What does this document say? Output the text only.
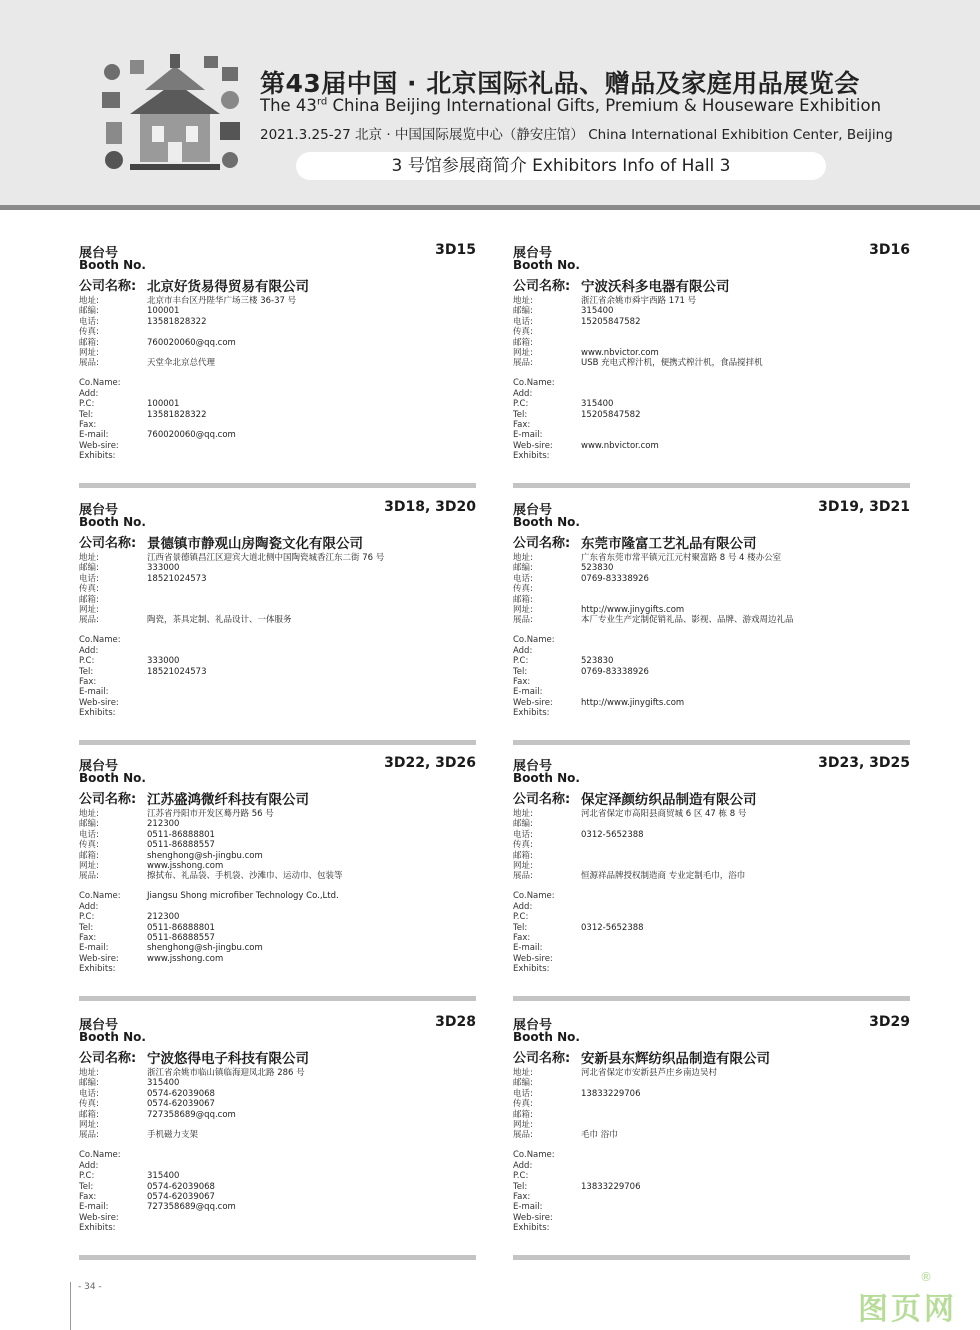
第43届中国 · 北京国际礼品、赠品及家庭用品展览会
The 43rd China Beijing International Gifts, Premium & Houseware Exhibition
2021.3.25-27 北京 · 中国国际展览中心（静安庄馆） China International Exhibition Center, Beijing
3 号馆参展商简介 Exhibitors Info of Hall 3
展台号
Booth No.
3D15
公司名称: 北京好货易得贸易有限公司
地址:	北京市丰台区丹陛华广场三楼 36-37 号
邮编:	100001
电话:	13581828322
传真:
邮箱:	760020060@qq.com
网址:
展品:	天堂伞北京总代理
Co.Name:
Add:
P.C:	100001
Tel:	13581828322
Fax:
E-mail:	760020060@qq.com
Web-sire:
Exhibits:
展台号
Booth No.
3D16
公司名称: 宁波沃科多电器有限公司
地址:	浙江省余姚市舜宇西路 171 号
邮编:	315400
电话:	15205847582
传真:
邮箱:
网址:	www.nbvictor.com
展品:	USB 充电式榨汁机，便携式榨汁机，食品搅拌机
Co.Name:
Add:
P.C:	315400
Tel:	15205847582
Fax:
E-mail:
Web-sire:	www.nbvictor.com
Exhibits:
展台号
Booth No.
3D18, 3D20
公司名称: 景德镇市静观山房陶瓷文化有限公司
地址:	江西省景德镇昌江区迎宾大道北侧中国陶瓷城香江东二街 76 号
邮编:	333000
电话:	18521024573
传真:
邮箱:
网址:
展品:	陶瓷，茶具定制、礼品设计、一体服务
Co.Name:
Add:
P.C:	333000
Tel:	18521024573
Fax:
E-mail:
Web-sire:
Exhibits:
展台号
Booth No.
3D19, 3D21
公司名称: 东莞市隆富工艺礼品有限公司
地址:	广东省东莞市常平镇元江元村聚富路 8 号 4 楼办公室
邮编:	523830
电话:	0769-83338926
传真:
邮箱:
网址:	http://www.jinygifts.com
展品:	本厂专业生产定制促销礼品、影视、品牌、游戏周边礼品
Co.Name:
Add:
P.C:	523830
Tel:	0769-83338926
Fax:
E-mail:
Web-sire:	http://www.jinygifts.com
Exhibits:
展台号
Booth No.
3D22, 3D26
公司名称: 江苏盛鸿微纤科技有限公司
地址:	江苏省丹阳市开发区蓦丹路 56 号
邮编:	212300
电话:	0511-86888801
传真:	0511-86888557
邮箱:	shenghong@sh-jingbu.com
网址:	www.jsshong.com
展品:	擦拭布、礼品袋、手机袋、沙滩巾、运动巾、包装等
Co.Name:	Jiangsu Shong microfiber Technology Co.,Ltd.
Add:
P.C:	212300
Tel:	0511-86888801
Fax:	0511-86888557
E-mail:	shenghong@sh-jingbu.com
Web-sire:	www.jsshong.com
Exhibits:
展台号
Booth No.
3D23, 3D25
公司名称: 保定泽颜纺织品制造有限公司
地址:	河北省保定市高阳县商贸城 6 区 47 栋 8 号
邮编:
电话:	0312-5652388
传真:
邮箱:
网址:
展品:	恒源祥品牌授权制造商 专业定制毛巾，浴巾
Co.Name:
Add:
P.C:
Tel:	0312-5652388
Fax:
E-mail:
Web-sire:
Exhibits:
展台号
Booth No.
3D28
公司名称: 宁波悠得电子科技有限公司
地址:	浙江省余姚市临山镇临海迎凤北路 286 号
邮编:	315400
电话:	0574-62039068
传真:	0574-62039067
邮箱:	727358689@qq.com
网址:
展品:	手机磁力支架
Co.Name:
Add:
P.C:	315400
Tel:	0574-62039068
Fax:	0574-62039067
E-mail:	727358689@qq.com
Web-sire:
Exhibits:
展台号
Booth No.
3D29
公司名称: 安新县东辉纺织品制造有限公司
地址:	河北省保定市安新县芦庄乡南边吴村
邮编:
电话:	13833229706
传真:
邮箱:
网址:
展品:	毛巾 浴巾
Co.Name:
Add:
P.C:
Tel:	13833229706
Fax:
E-mail:
Web-sire:
Exhibits:
- 34 -
图页网
®
